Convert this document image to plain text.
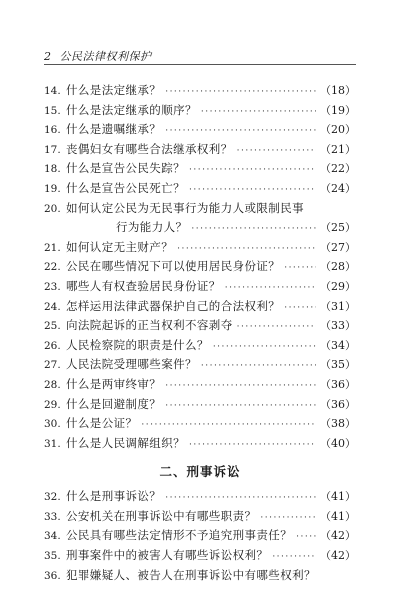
2 公民法律权利保护
14. 什么是法定继承？ ·····	（18）
15. 什么是法定继承的顺序？ ·····	（19）
16. 什么是遗嘱继承？ ·····	（20）
17. 丧偶妇女有哪些合法继承权利？ ·····	（21）
18. 什么是宣告公民失踪？ ·····	（22）
19. 什么是宣告公民死亡？ ·····	（24）
20. 如何认定公民为无民事行为能力人或限制民事
行为能力人？ ·····	（25）
21. 如何认定无主财产？ ·····	（27）
22. 公民在哪些情况下可以使用居民身份证？ ·····	（28）
23. 哪些人有权查验居民身份证？ ·····	（29）
24. 怎样运用法律武器保护自己的合法权利？ ·····	（31）
25. 向法院起诉的正当权利不容剥夺 ·····	（33）
26. 人民检察院的职责是什么？ ·····	（34）
27. 人民法院受理哪些案件？ ·····	（35）
28. 什么是两审终审？ ·····	（36）
29. 什么是回避制度？ ·····	（36）
30. 什么是公证？ ·····	（38）
31. 什么是人民调解组织？ ·····	（40）
二、刑事诉讼
32. 什么是刑事诉讼？ ·····	（41）
33. 公安机关在刑事诉讼中有哪些职责？ ·····	（41）
34. 公民具有哪些法定情形不予追究刑事责任？ ·····	（42）
35. 刑事案件中的被害人有哪些诉讼权利？ ·····	（42）
36. 犯罪嫌疑人、被告人在刑事诉讼中有哪些权利？
